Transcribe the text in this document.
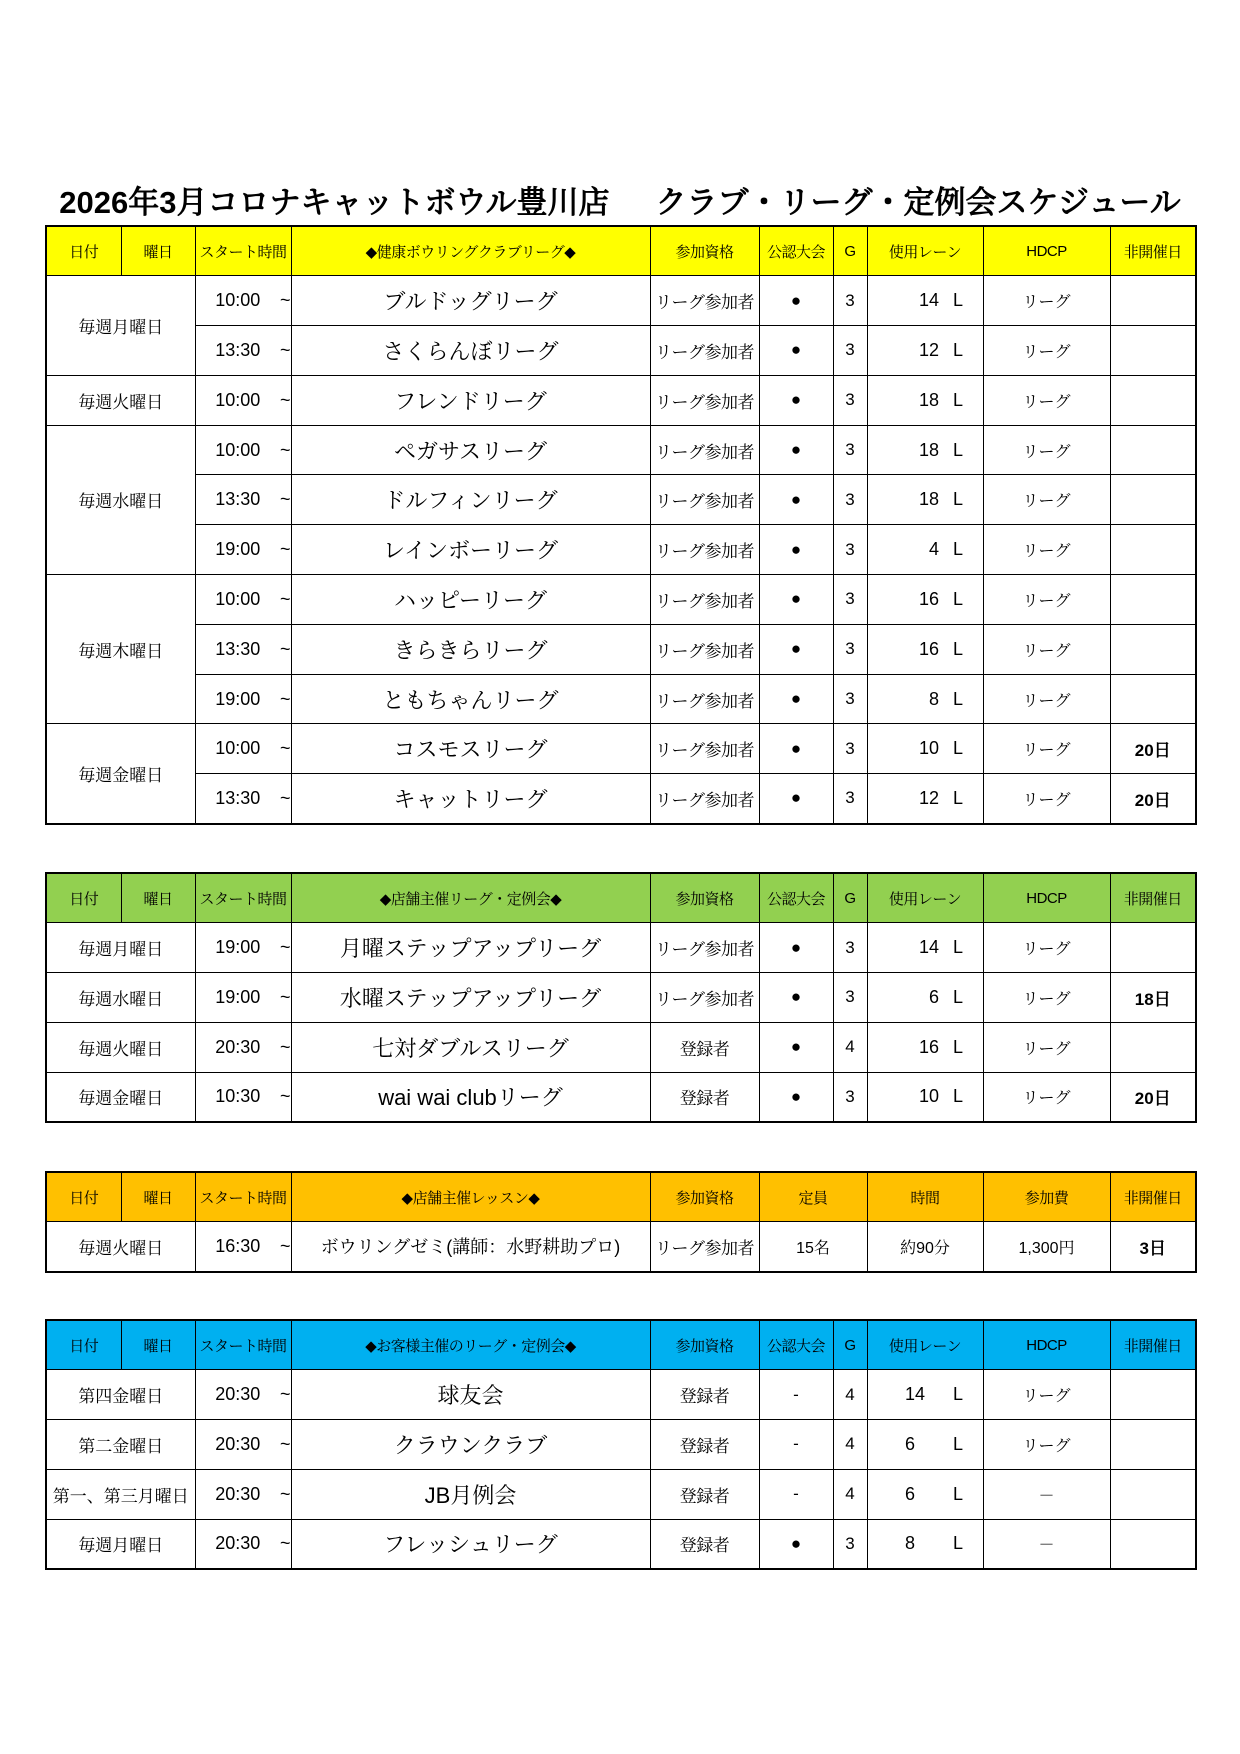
2026年3月コロナキャットボウル豊川店 クラブ・リーグ・定例会スケジュール
日付	曜日	スタート時間	◆健康ボウリングクラブリーグ◆	参加資格	公認大会	G	使用レーン	HDCP	非開催日
毎週月曜日		10:00 ~	ブルドッグリーグ	リーグ参加者	●	3	14 L	リーグ	
		13:30 ~	さくらんぼリーグ	リーグ参加者	●	3	12 L	リーグ	
毎週火曜日		10:00 ~	フレンドリーグ	リーグ参加者	●	3	18 L	リーグ	
毎週水曜日		10:00 ~	ペガサスリーグ	リーグ参加者	●	3	18 L	リーグ	
		13:30 ~	ドルフィンリーグ	リーグ参加者	●	3	18 L	リーグ	
		19:00 ~	レインボーリーグ	リーグ参加者	●	3	4 L	リーグ	
毎週木曜日		10:00 ~	ハッピーリーグ	リーグ参加者	●	3	16 L	リーグ	
		13:30 ~	きらきらリーグ	リーグ参加者	●	3	16 L	リーグ	
		19:00 ~	ともちゃんリーグ	リーグ参加者	●	3	8 L	リーグ	
毎週金曜日		10:00 ~	コスモスリーグ	リーグ参加者	●	3	10 L	リーグ	20日
		13:30 ~	キャットリーグ	リーグ参加者	●	3	12 L	リーグ	20日
日付	曜日	スタート時間	◆店舗主催リーグ・定例会◆	参加資格	公認大会	G	使用レーン	HDCP	非開催日
毎週月曜日		19:00 ~	月曜ステップアップリーグ	リーグ参加者	●	3	14 L	リーグ	
毎週水曜日		19:00 ~	水曜ステップアップリーグ	リーグ参加者	●	3	6 L	リーグ	18日
毎週火曜日		20:30 ~	七対ダブルスリーグ	登録者	●	4	16 L	リーグ	
毎週金曜日		10:30 ~	wai wai clubリーグ	登録者	●	3	10 L	リーグ	20日
日付	曜日	スタート時間	◆店舗主催レッスン◆	参加資格	定員	時間	参加費	非開催日
毎週火曜日		16:30 ~	ボウリングゼミ(講師：水野耕助プロ)	リーグ参加者	15名	約90分	1,300円	3日
日付	曜日	スタート時間	◆お客様主催のリーグ・定例会◆	参加資格	公認大会	G	使用レーン	HDCP	非開催日
第四金曜日		20:30 ~	球友会	登録者	-	4	14 L	リーグ	
第二金曜日		20:30 ~	クラウンクラブ	登録者	-	4	6 L	リーグ	
第一、第三月曜日		20:30 ~	JB月例会	登録者	-	4	6 L	－	
毎週月曜日		20:30 ~	フレッシュリーグ	登録者	●	3	8 L	－	
